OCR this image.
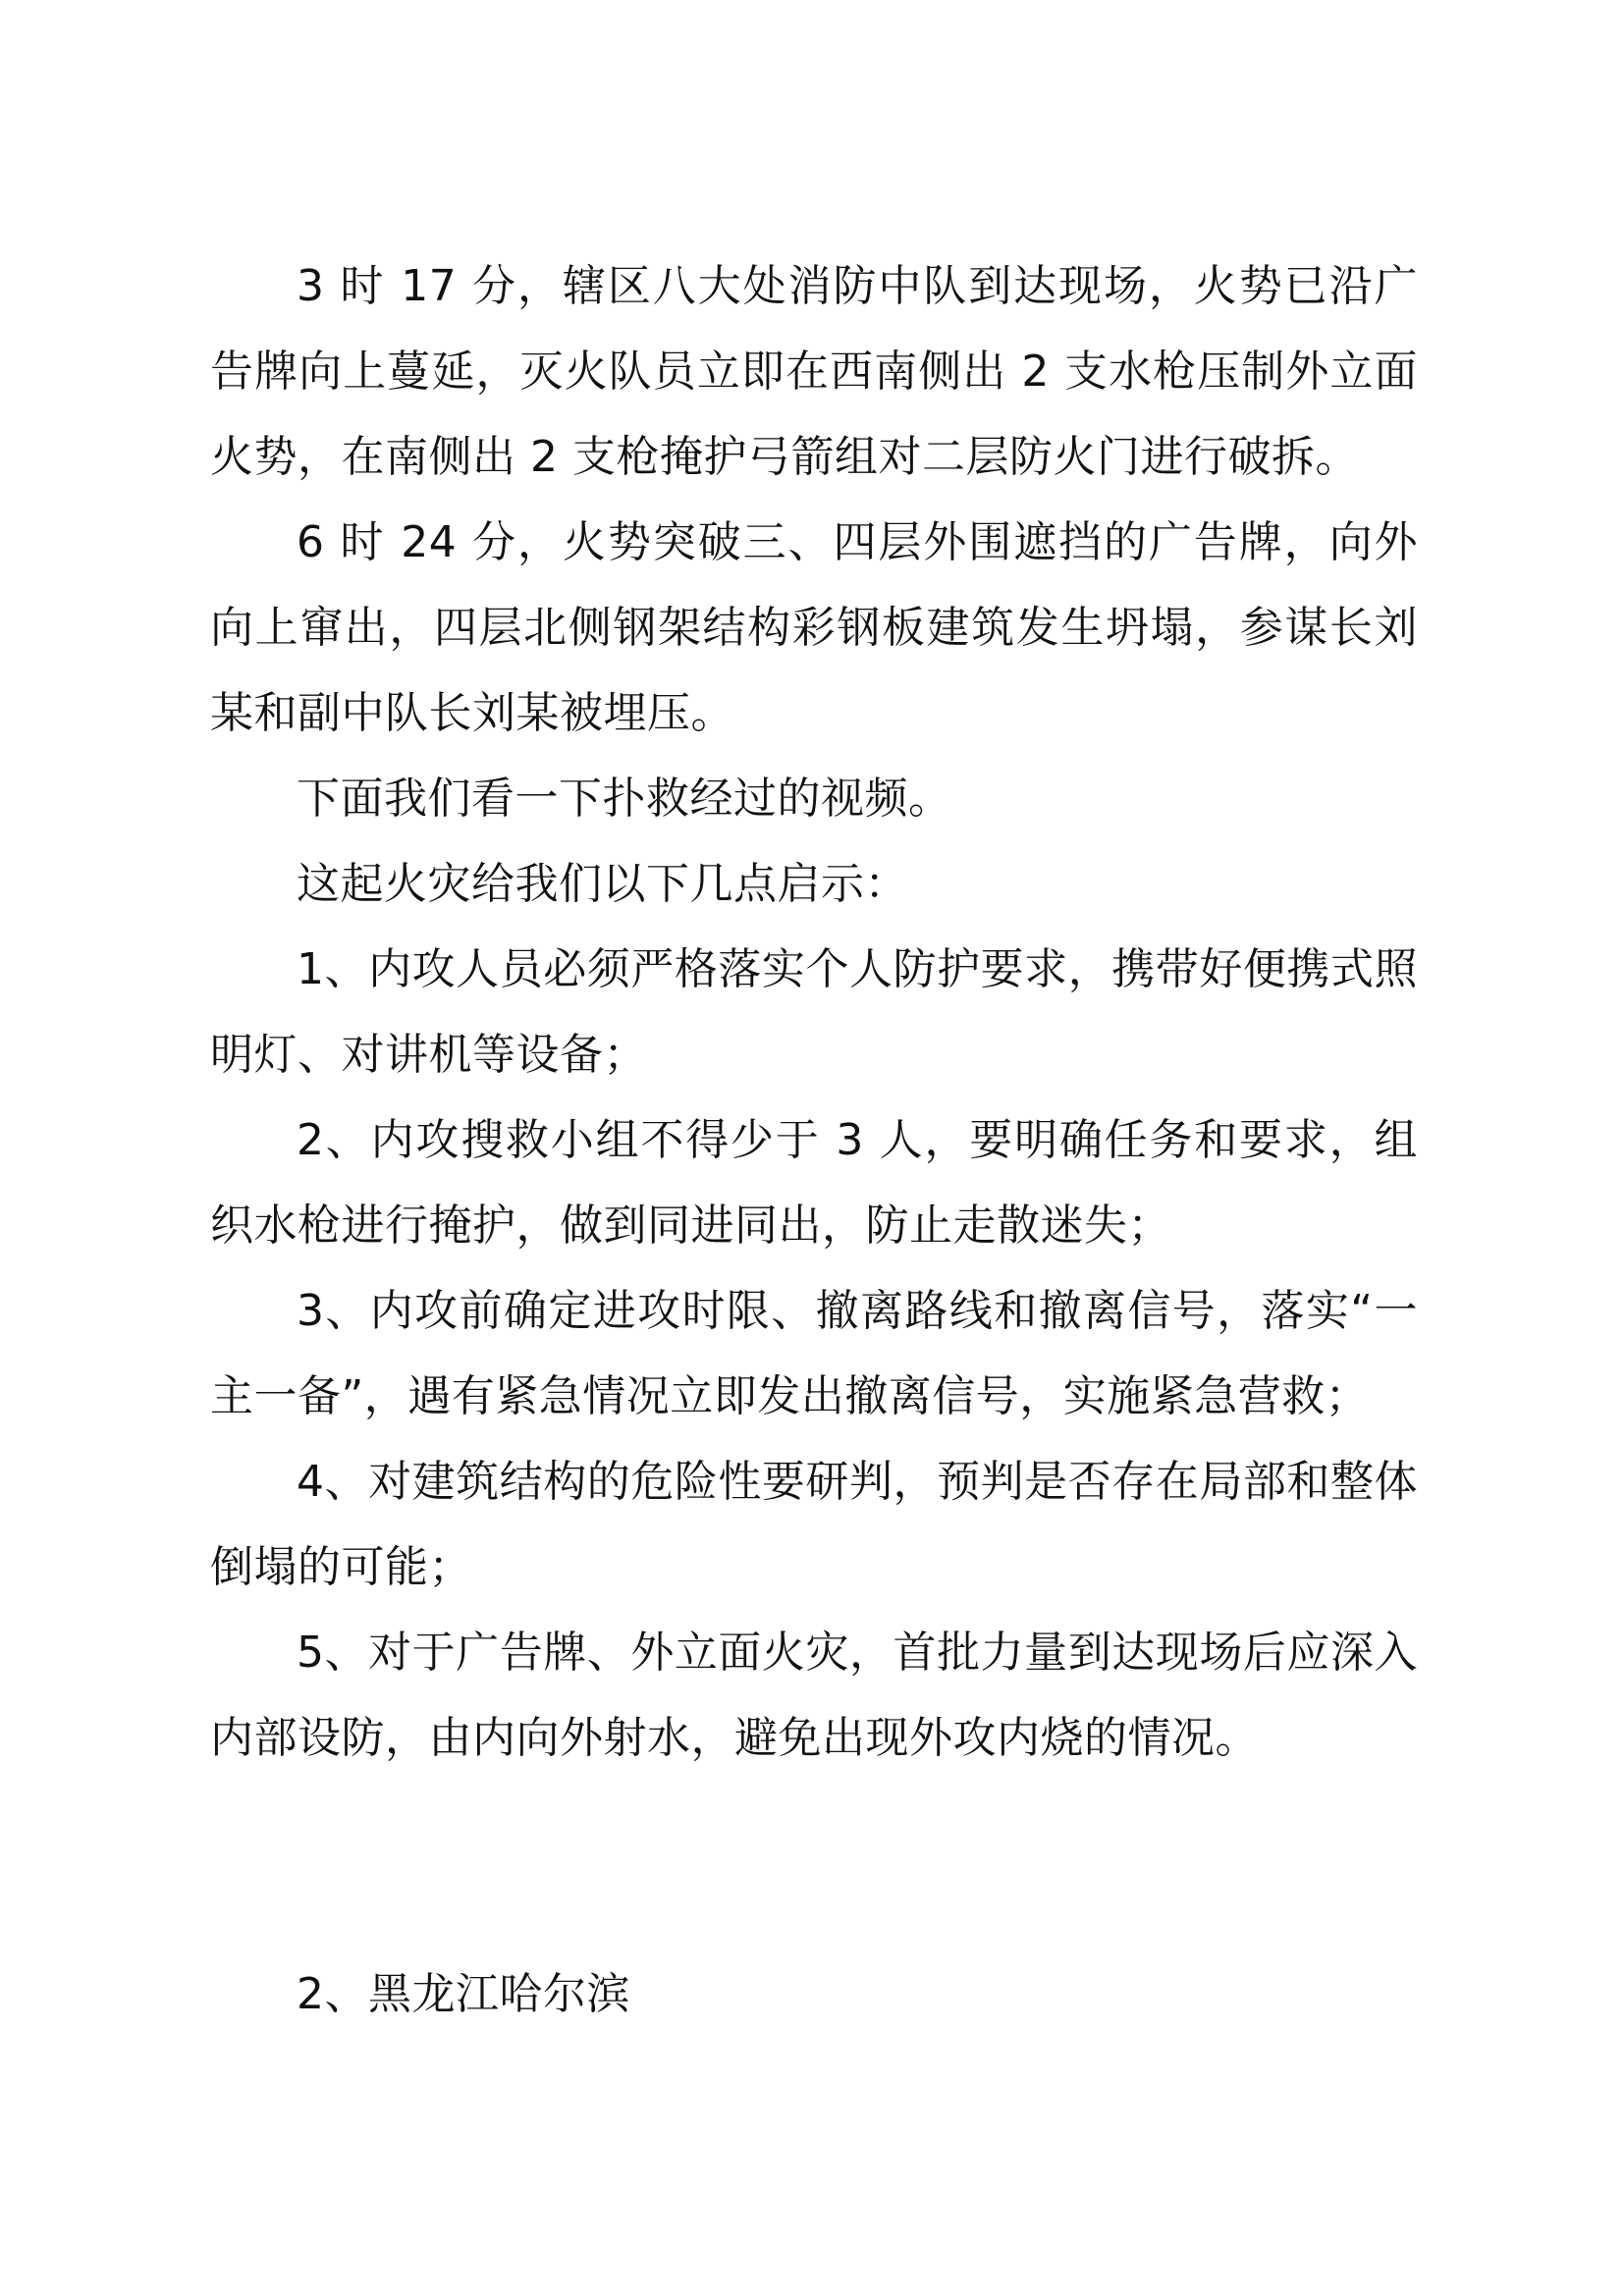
3 时 17 分，辖区八大处消防中队到达现场，火势已沿广告牌向上蔓延，灭火队员立即在西南侧出 2 支水枪压制外立面火势，在南侧出 2 支枪掩护弓箭组对二层防火门进行破拆。

6 时 24 分，火势突破三、四层外围遮挡的广告牌，向外向上窜出，四层北侧钢架结构彩钢板建筑发生坍塌，参谋长刘某和副中队长刘某被埋压。

下面我们看一下扑救经过的视频。

这起火灾给我们以下几点启示：

1、内攻人员必须严格落实个人防护要求，携带好便携式照明灯、对讲机等设备；

2、内攻搜救小组不得少于 3 人，要明确任务和要求，组织水枪进行掩护，做到同进同出，防止走散迷失；

3、内攻前确定进攻时限、撤离路线和撤离信号，落实“一主一备”，遇有紧急情况立即发出撤离信号，实施紧急营救；

4、对建筑结构的危险性要研判，预判是否存在局部和整体倒塌的可能；

5、对于广告牌、外立面火灾，首批力量到达现场后应深入内部设防，由内向外射水，避免出现外攻内烧的情况。

2、黑龙江哈尔滨
